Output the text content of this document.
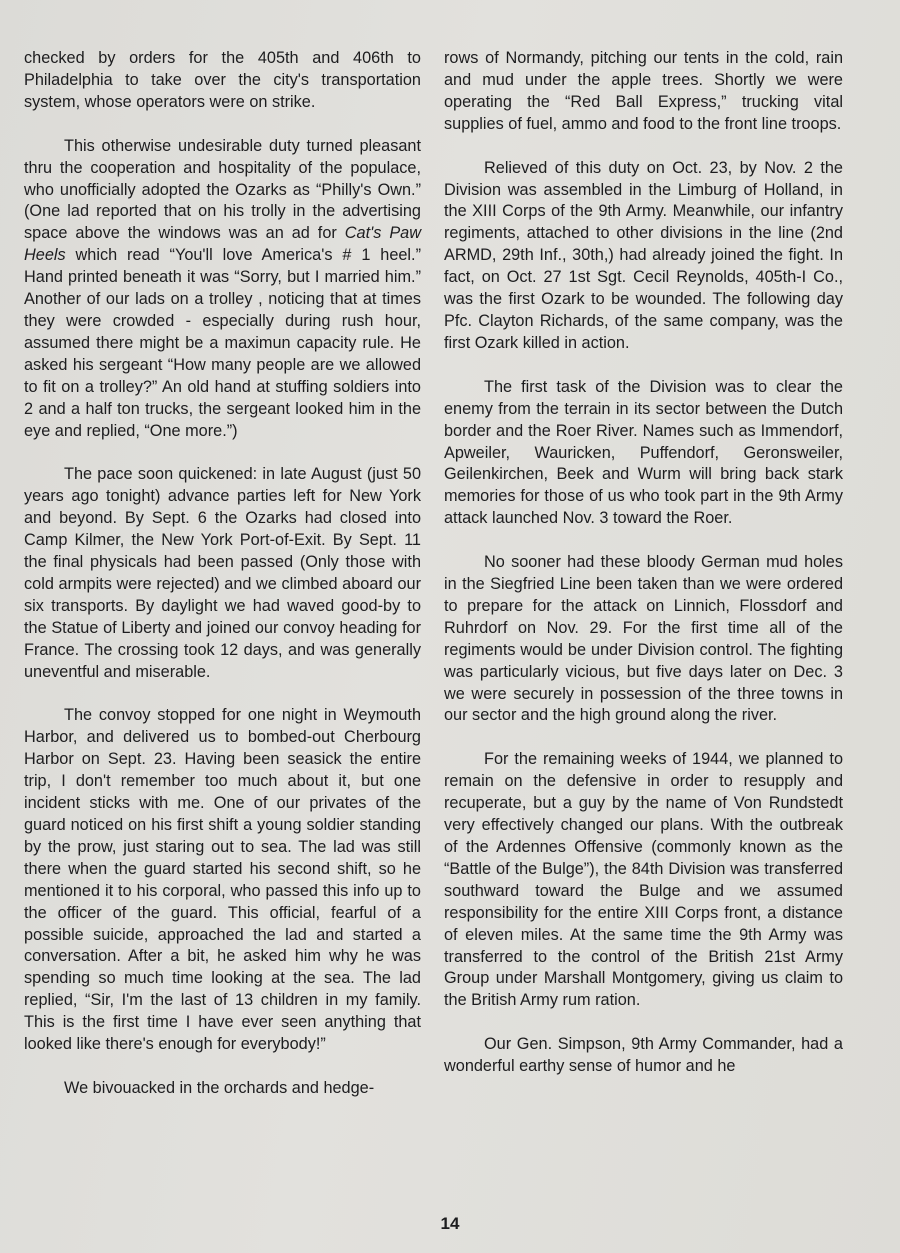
checked by orders for the 405th and 406th to Philadelphia to take over the city's transportation system, whose operators were on strike.

This otherwise undesirable duty turned pleasant thru the cooperation and hospitality of the populace, who unofficially adopted the Ozarks as “Philly's Own.” (One lad reported that on his trolly in the advertising space above the windows was an ad for Cat's Paw Heels which read “You'll love America's # 1 heel.” Hand printed beneath it was “Sorry, but I married him.” Another of our lads on a trolley , noticing that at times they were crowded - especially during rush hour, assumed there might be a maximun capacity rule. He asked his sergeant “How many people are we allowed to fit on a trolley?” An old hand at stuffing soldiers into 2 and a half ton trucks, the sergeant looked him in the eye and replied, “One more.”)

The pace soon quickened: in late August (just 50 years ago tonight) advance parties left for New York and beyond. By Sept. 6 the Ozarks had closed into Camp Kilmer, the New York Port-of-Exit. By Sept. 11 the final physicals had been passed (Only those with cold armpits were rejected) and we climbed aboard our six transports. By daylight we had waved good-by to the Statue of Liberty and joined our convoy heading for France. The crossing took 12 days, and was generally uneventful and miserable.

The convoy stopped for one night in Weymouth Harbor, and delivered us to bombed-out Cherbourg Harbor on Sept. 23. Having been seasick the entire trip, I don't remember too much about it, but one incident sticks with me. One of our privates of the guard noticed on his first shift a young soldier standing by the prow, just staring out to sea. The lad was still there when the guard started his second shift, so he mentioned it to his corporal, who passed this info up to the officer of the guard. This official, fearful of a possible suicide, approached the lad and started a conversation. After a bit, he asked him why he was spending so much time looking at the sea. The lad replied, “Sir, I'm the last of 13 children in my family. This is the first time I have ever seen anything that looked like there's enough for everybody!”

We bivouacked in the orchards and hedge-

rows of Normandy, pitching our tents in the cold, rain and mud under the apple trees. Shortly we were operating the “Red Ball Express,” trucking vital supplies of fuel, ammo and food to the front line troops.

Relieved of this duty on Oct. 23, by Nov. 2 the Division was assembled in the Limburg of Holland, in the XIII Corps of the 9th Army. Meanwhile, our infantry regiments, attached to other divisions in the line (2nd ARMD, 29th Inf., 30th,) had already joined the fight. In fact, on Oct. 27 1st Sgt. Cecil Reynolds, 405th-I Co., was the first Ozark to be wounded. The following day Pfc. Clayton Richards, of the same company, was the first Ozark killed in action.

The first task of the Division was to clear the enemy from the terrain in its sector between the Dutch border and the Roer River. Names such as Immendorf, Apweiler, Wauricken, Puffendorf, Geronsweiler, Geilenkirchen, Beek and Wurm will bring back stark memories for those of us who took part in the 9th Army attack launched Nov. 3 toward the Roer.

No sooner had these bloody German mud holes in the Siegfried Line been taken than we were ordered to prepare for the attack on Linnich, Flossdorf and Ruhrdorf on Nov. 29. For the first time all of the regiments would be under Division control. The fighting was particularly vicious, but five days later on Dec. 3 we were securely in possession of the three towns in our sector and the high ground along the river.

For the remaining weeks of 1944, we planned to remain on the defensive in order to resupply and recuperate, but a guy by the name of Von Rundstedt very effectively changed our plans. With the outbreak of the Ardennes Offensive (commonly known as the “Battle of the Bulge”), the 84th Division was transferred southward toward the Bulge and we assumed responsibility for the entire XIII Corps front, a distance of eleven miles. At the same time the 9th Army was transferred to the control of the British 21st Army Group under Marshall Montgomery, giving us claim to the British Army rum ration.

Our Gen. Simpson, 9th Army Commander, had a wonderful earthy sense of humor and he

14
